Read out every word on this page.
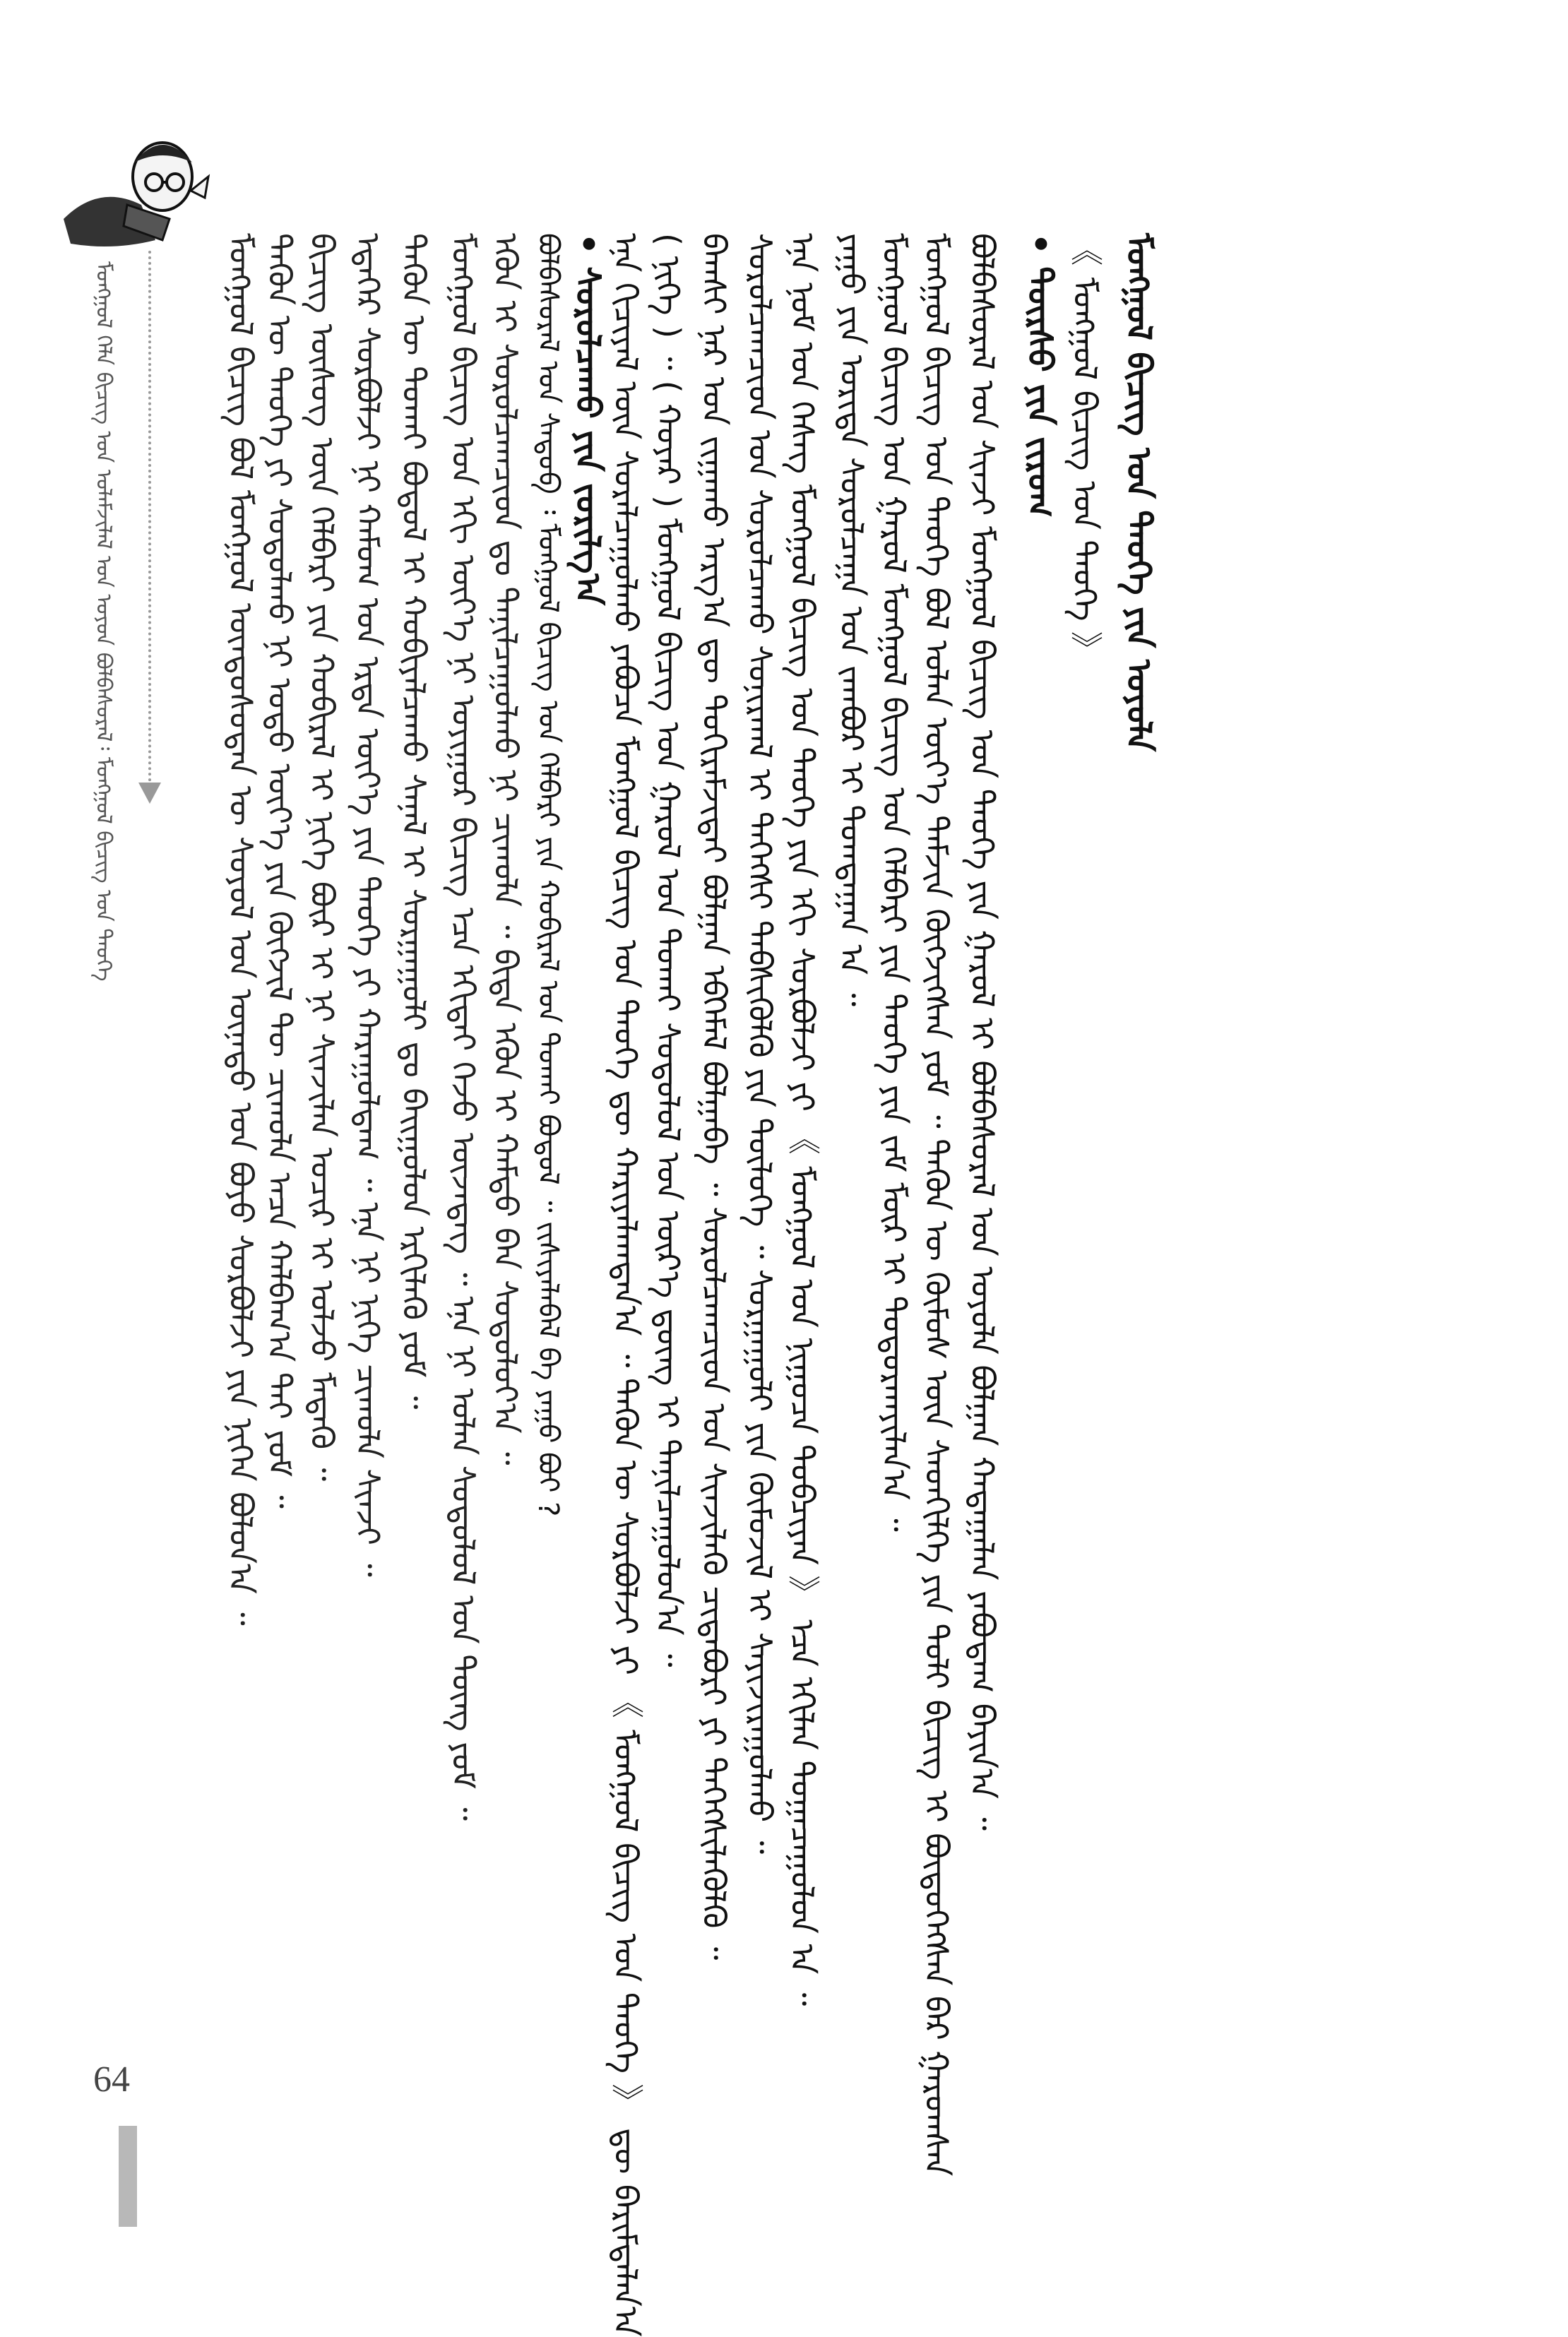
ᠮᠣᠩᠭᠣᠯ ᠬᠡᠯᠡ ᠪᠢᠴᠢᠭ᠌ ᠤᠨ ᠤᠯᠠᠮᠵᠢᠯᠠᠯ ᠤᠨ ᠤᠶᠤᠨ ᠪᠣᠯᠪᠠᠰᠤᠷᠠᠯ᠄ ᠮᠣᠩᠭᠣᠯ ᠪᠢᠴᠢᠭ᠌ ᠤᠨ ᠲᠡᠦᠬᠡ	ᠮᠣᠩᠭᠣᠯ ᠪᠢᠴᠢᠭ ᠪᠣᠯ ᠮᠣᠩᠭᠣᠯ ᠦᠨᠳᠦᠰᠦᠲᠡᠨ ᠦ ᠰᠣᠶᠣᠯ ᠤᠨ ᠦᠨᠡᠲᠦ ᠡᠳ ᠪᠤᠶᠤ ᠰᠤᠷᠪᠤᠯᠵᠢ ᠶᠢᠨ ᠨᠢᠭᠡᠨ ᠪᠣᠯᠤᠨ᠎ᠠ ᠃ ᠲᠡᠭᠦᠨ ᠦ ᠲᠡᠦᠬᠡ ᠶᠢ ᠰᠤᠳᠤᠯᠬᠤ ᠨᠢ ᠣᠳᠣ ᠦᠶ᠎ᠡ ᠶᠢᠨ ᠬᠥᠭᠵᠢᠯ ᠲᠦ ᠴᠢᠬᠤᠯᠠ ᠠᠴᠠ ᠬᠠᠯᠪᠠᠭ᠎ᠠ ᠲᠠᠢ ᠶᠤᠮ ᠃ ᠪᠢᠴᠢᠭ᠌ ᠦᠰᠦᠭ ᠦᠨ ᠬᠡᠯᠪᠡᠷᠢ ᠶᠢᠨ ᠬᠤᠪᠢᠷᠠᠯ ᠢ ᠨᠢᠭᠡ ᠪᠦᠷ ᠢ ᠨᠢ ᠰᠢᠨᠵᠢᠯᠡᠨ ᠤᠴᠢᠷ ᠢ ᠣᠯᠵᠤ ᠮᠡᠳᠡᠬᠦ ᠃ ᠡᠳᠡᠭᠡᠷ ᠰᠤᠷᠪᠤᠯᠵᠢ ᠨᠢ ᠬᠠᠮᠤᠭ ᠤᠨ ᠡᠷᠲᠡ ᠦᠶ᠎ᠡ ᠶᠢᠨ ᠲᠡᠦᠬᠡ ᠶᠢ ᠬᠠᠷᠠᠭᠤᠯᠳᠠᠭ ᠃ ᠡᠨᠡ ᠨᠢ ᠨᠢᠭᠡ ᠴᠢᠬᠤᠯᠠ ᠰᠢᠨᠵᠢ ᠃ ᠲᠡᠭᠦᠨ ᠦ ᠲᠣᠬᠠᠢ ᠪᠣᠳᠣᠯ ᠢ ᠬᠤᠪᠢᠶᠠᠯᠴᠠᠬᠤ ᠰᠠᠨᠠᠯ ᠢ ᠰᠤᠷᠭᠠᠭᠤᠯᠢ ᠳᠤ ᠪᠠᠢᠭᠤᠯᠤᠨ ᠡᠷᠬᠢᠯᠡᠬᠦ ᠶᠤᠮ ᠃ ᠮᠣᠩᠭᠣᠯ ᠪᠢᠴᠢᠭ᠌ ᠤᠨ ᠡᠬᠢ ᠦᠶ᠎ᠡ ᠨᠢ ᠤᠶᠢᠭᠤᠷ ᠪᠢᠴᠢᠭ ᠡᠴᠡ ᠡᠬᠢᠲᠡᠢ ᠭᠡᠵᠦ ᠦᠵᠡᠳᠡᠭ ᠃ ᠡᠨᠡ ᠨᠢ ᠣᠯᠠᠨ ᠰᠤᠳᠤᠯᠤᠯ ᠤᠨ ᠳᠦᠩ ᠶᠤᠮ ᠃ ᠡᠭᠦᠨ ᠢ ᠰᠤᠷᠤᠯᠴᠠᠭᠴᠢᠳ ᠳᠤ ᠲᠠᠨᠢᠯᠴᠠᠭᠤᠯᠬᠤ ᠨᠢ ᠴᠢᠬᠤᠯᠠ ᠃ ᠪᠢᠳᠡ ᠡᠭᠦᠨ ᠢ ᠬᠠᠮᠲᠤ ᠪᠠᠨ ᠰᠤᠳᠤᠯᠤᠶ᠎ᠠ ᠃ ᠪᠤᠯᠪᠠᠰᠤᠷᠠᠯ ᠤᠨ ᠰᠡᠳᠦᠪ ᠄ ᠮᠣᠩᠭᠣᠯ ᠪᠢᠴᠢᠭ᠌ ᠤᠨ ᠬᠡᠯᠪᠡᠷᠢ ᠶᠢᠨ ᠬᠤᠪᠢᠷᠠᠯ ᠤᠨ ᠲᠤᠬᠠᠢ ᠪᠤᠳᠤᠯ ᠃ ᠵᠢᠱᠢᠶᠡᠯᠡᠪᠡᠯ ᠪᠠ ᠶᠠᠭᠤ ᠪᠤᠢ ? • ᠰᠤᠷᠤᠯᠴᠠᠬᠤ ᠶᠢᠨ ᠵᠣᠷᠢᠯᠭ᠎ᠠ ᠡᠨᠡ ᠬᠢᠴᠢᠶᠡᠯ ᠦᠨ ᠰᠤᠷᠠᠯᠴᠠᠭᠤᠯᠬᠤ ᠶᠠᠪᠤᠴᠠ ᠮᠣᠩᠭᠣᠯ ᠪᠢᠴᠢᠭ᠌ ᠤᠨ ᠲᠡᠦᠬᠡ ᠳᠦ ᠬᠠᠷᠢᠶᠠᠯᠠᠭᠳᠠᠨ᠎ᠠ ᠃ ᠲᠡᠭᠦᠨ ᠦ ᠰᠤᠷᠪᠤᠯᠵᠢ ᠶᠢ 《 ᠮᠣᠩᠭᠣᠯ ᠪᠢᠴᠢᠭ᠌ ᠤᠨ ᠲᠡᠦᠬᠡ 》 ᠳᠦ ᠪᠠᠷᠢᠮᠲᠠᠯᠠᠨ᠎ᠠ ( ᠨᠢᠭᠡ ) ᠃ ( ᠬᠣᠶᠠᠷ ) ᠮᠣᠩᠭᠣᠯ ᠪᠢᠴᠢᠭ᠌ ᠤᠨ ᠭᠠᠷᠤᠯ ᠤᠨ ᠲᠤᠬᠠᠢ ᠰᠤᠳᠤᠯᠤᠯ ᠤᠨ ᠦᠷ᠎ᠡ ᠳ᠋ᠦᠩ ᠢ ᠲᠠᠨᠢᠯᠴᠠᠭᠤᠯᠤᠨ᠎ᠠ ᠃ ᠪᠠᠭᠰᠢ ᠨᠠᠷ ᠤᠨ ᠵᠢᠭᠠᠬᠤ ᠠᠷᠭ᠎ᠠ ᠳᠦ ᠲᠣᠬᠢᠷᠠᠮᠵᠢᠲᠠᠶ ᠪᠣᠯᠭᠠᠨ ᠡᠪᠬᠡᠮᠡᠯ ᠪᠣᠯᠭᠠᠪᠠ ᠃ ᠰᠤᠷᠤᠯᠴᠠᠭᠴᠢᠳ ᠤᠨ ᠰᠢᠨᠵᠢᠯᠡᠬᠦ ᠴᠢᠳᠠᠪᠤᠷᠢ ᠶᠢ ᠳᠡᠭᠡᠭᠰᠢᠯᠡᠭᠦᠯᠬᠦ ᠃ ᠰᠤᠷᠤᠯᠴᠠᠭᠴᠢᠳ ᠤᠨ ᠰᠤᠷᠤᠯᠴᠠᠬᠤ ᠰᠣᠨᠢᠷᠬᠠᠯ ᠢ ᠳᠡᠭᠡᠭᠰᠢ ᠳᠡᠪᠰᠢᠭᠦᠯᠬᠦ ᠶᠢᠨ ᠲᠥᠯᠦᠭᠡ ᠃ ᠰᠤᠷᠭᠠᠭᠤᠯᠢ ᠶᠢᠨ ᠬᠦᠮᠦᠵᠢᠯ ᠢ ᠰᠠᠶᠢᠵᠢᠷᠠᠭᠤᠯᠬᠤ ᠃ ᠡᠨᠡ ᠨᠣᠮ ᠤᠨ ᠬᠡᠰᠡᠭ ᠮᠣᠩᠭᠣᠯ ᠪᠢᠴᠢᠭ᠌ ᠤᠨ ᠲᠡᠦᠬᠡ ᠶᠢᠨ ᠡᠬᠢ ᠰᠤᠷᠪᠤᠯᠵᠢ ᠶᠢ 《 ᠮᠣᠩᠭᠣᠯ ᠤᠨ ᠨᠢᠭᠤᠴᠠ ᠲᠣᠪᠴᠢᠶᠠᠨ 》 ᠡᠴᠡ ᠡᠬᠢᠯᠡᠨ ᠲᠣᠭᠠᠴᠠᠭᠤᠯᠤᠨ ᠠ ᠃ ᠶᠠᠭᠤ ᠶᠢᠨ ᠤᠷᠢᠳᠠ ᠰᠤᠷᠤᠯᠴᠠᠭᠠ ᠤᠨ ᠵᠠᠭᠪᠤᠷ ᠢ ᠲᠣᠭᠲᠠᠭᠠᠨ ᠠ ᠃ ᠮᠣᠩᠭᠣᠯ ᠪᠢᠴᠢᠭ᠌ ᠤᠨ ᠭᠠᠷᠤᠯ ᠮᠣᠩᠭᠣᠯ ᠪᠢᠴᠢᠭ᠌ ᠤᠨ ᠬᠡᠯᠪᠡᠷᠢ ᠶᠢᠨ ᠲᠡᠦᠬᠡ ᠶᠢᠨ ᠵᠠᠮ ᠮᠥᠷ ᠢ ᠲᠣᠳᠣᠷᠬᠠᠶᠢᠯᠠᠨ᠎ᠠ ᠃ ᠮᠣᠩᠭᠣᠯ ᠪᠢᠴᠢᠭ᠌ ᠤᠨ ᠲᠡᠦᠬᠡ ᠪᠣᠯ ᠣᠯᠠᠨ ᠦᠶ᠎ᠡ ᠳᠠᠮᠵᠢᠨ ᠬᠥᠭᠵᠢᠭᠰᠡᠨ ᠶᠤᠮ ᠃ ᠲᠡᠭᠦᠨ ᠦ ᠬᠦᠮᠦᠰ ᠦᠨ ᠰᠡᠳᠬᠢᠯᠭᠡ ᠶᠢᠨ ᠲᠤᠯᠢ ᠪᠢᠴᠢᠭ ᠢ ᠪᠦᠲᠦᠭᠡᠭᠰᠡᠨ ᠪᠡᠷ ᠭᠠᠷᠤᠭᠰᠠᠨ ᠪᠣᠯᠪᠠᠰᠤᠷᠠᠯ ᠤᠨ ᠰᠢᠨᠵᠢ ᠮᠣᠩᠭᠣᠯ ᠪᠢᠴᠢᠭ᠌ ᠤᠨ ᠲᠡᠦᠬᠡ ᠶᠢᠨ ᠭᠠᠷᠤᠯ ᠢ ᠪᠣᠯᠪᠠᠰᠤᠷᠠᠯ ᠤᠨ ᠤᠶᠤᠯᠠ ᠪᠣᠯᠭᠠᠨ ᠬᠠᠳᠠᠭᠠᠯᠠᠨ ᠶᠠᠪᠤᠳᠠᠭ ᠪᠠᠶᠢᠨ᠎ᠠ ᠃ • ᠳᠦᠷᠰᠦ ᠶᠢᠨ ᠵᠢᠷᠤᠭ 《 ᠮᠣᠩᠭᠣᠯ ᠪᠢᠴᠢᠭ᠌ ᠤᠨ ᠲᠡᠦᠬᠡ 》 ᠮᠣᠩᠭᠣᠯ ᠪᠢᠴᠢᠭ᠌ ᠤᠨ ᠲᠡᠦᠬᠡ ᠶᠢᠨ ᠤᠶᠤᠯᠠ
64
